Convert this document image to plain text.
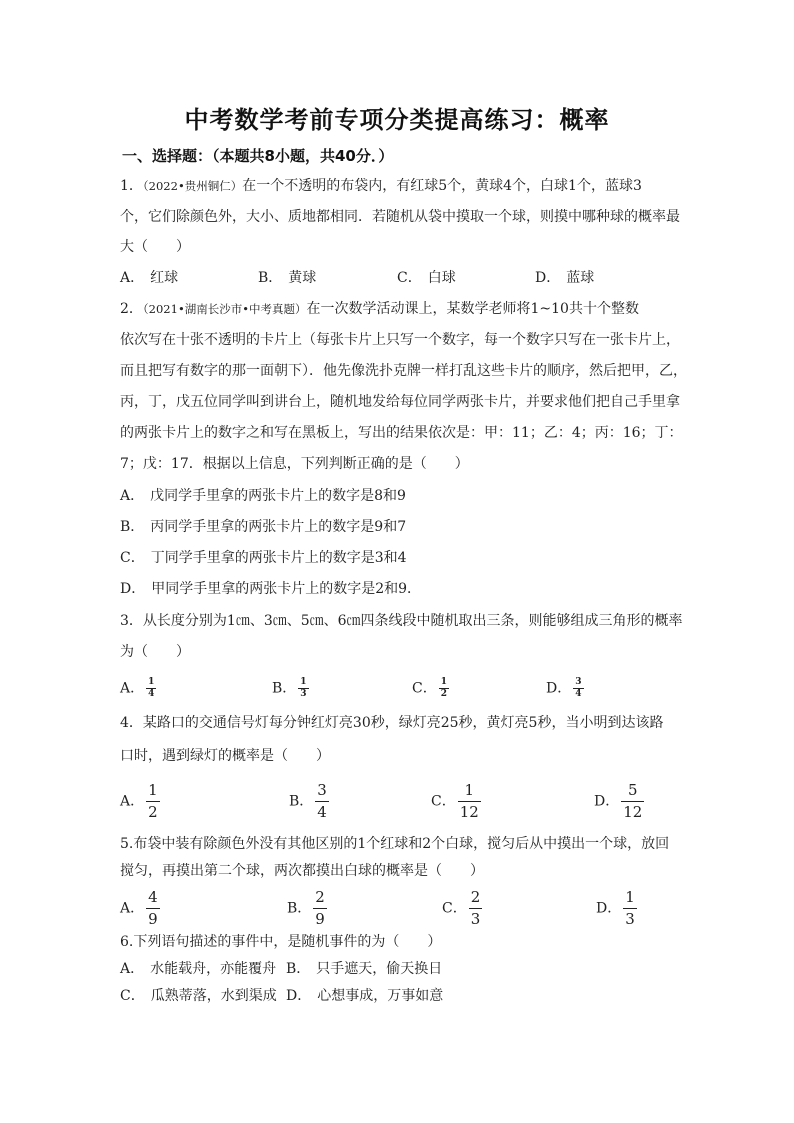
中考数学考前专项分类提高练习：概率
一、选择题：（本题共8小题，共40分．）
1．（2022•贵州铜仁）在一个不透明的布袋内，有红球5个，黄球4个，白球1个，蓝球3
个，它们除颜色外，大小、质地都相同．若随机从袋中摸取一个球，则摸中哪种球的概率最
大（　　）
A． 红球	B． 黄球	C． 白球	D． 蓝球
2．（2021•湖南长沙市•中考真题）在一次数学活动课上，某数学老师将1~10共十个整数
依次写在十张不透明的卡片上（每张卡片上只写一个数字，每一个数字只写在一张卡片上，
而且把写有数字的那一面朝下）．他先像洗扑克牌一样打乱这些卡片的顺序，然后把甲，乙，
丙，丁，戊五位同学叫到讲台上，随机地发给每位同学两张卡片，并要求他们把自己手里拿
的两张卡片上的数字之和写在黑板上，写出的结果依次是：甲：11；乙：4；丙：16；丁：
7；戊：17．根据以上信息，下列判断正确的是（　　）
A． 戊同学手里拿的两张卡片上的数字是8和9
B． 丙同学手里拿的两张卡片上的数字是9和7
C． 丁同学手里拿的两张卡片上的数字是3和4
D． 甲同学手里拿的两张卡片上的数字是2和9．
3．从长度分别为1㎝、3㎝、5㎝、6㎝四条线段中随机取出三条，则能够组成三角形的概率
为（　　）
A． $\frac{1}{4}$	B． $\frac{1}{3}$	C． $\frac{1}{2}$	D． $\frac{3}{4}$
4．某路口的交通信号灯每分钟红灯亮30秒，绿灯亮25秒，黄灯亮5秒，当小明到达该路
口时，遇到绿灯的概率是（　　）
A． $\frac{1}{2}$	B． $\frac{3}{4}$	C． $\frac{1}{12}$	D． $\frac{5}{12}$
5.布袋中装有除颜色外没有其他区别的1个红球和2个白球，搅匀后从中摸出一个球，放回
搅匀，再摸出第二个球，两次都摸出白球的概率是（　　）
A． $\frac{4}{9}$	B． $\frac{2}{9}$	C． $\frac{2}{3}$	D． $\frac{1}{3}$
6.下列语句描述的事件中，是随机事件的为（　　）
A． 水能载舟，亦能覆舟 B． 只手遮天，偷天换日
C． 瓜熟蒂落，水到渠成 D． 心想事成，万事如意
